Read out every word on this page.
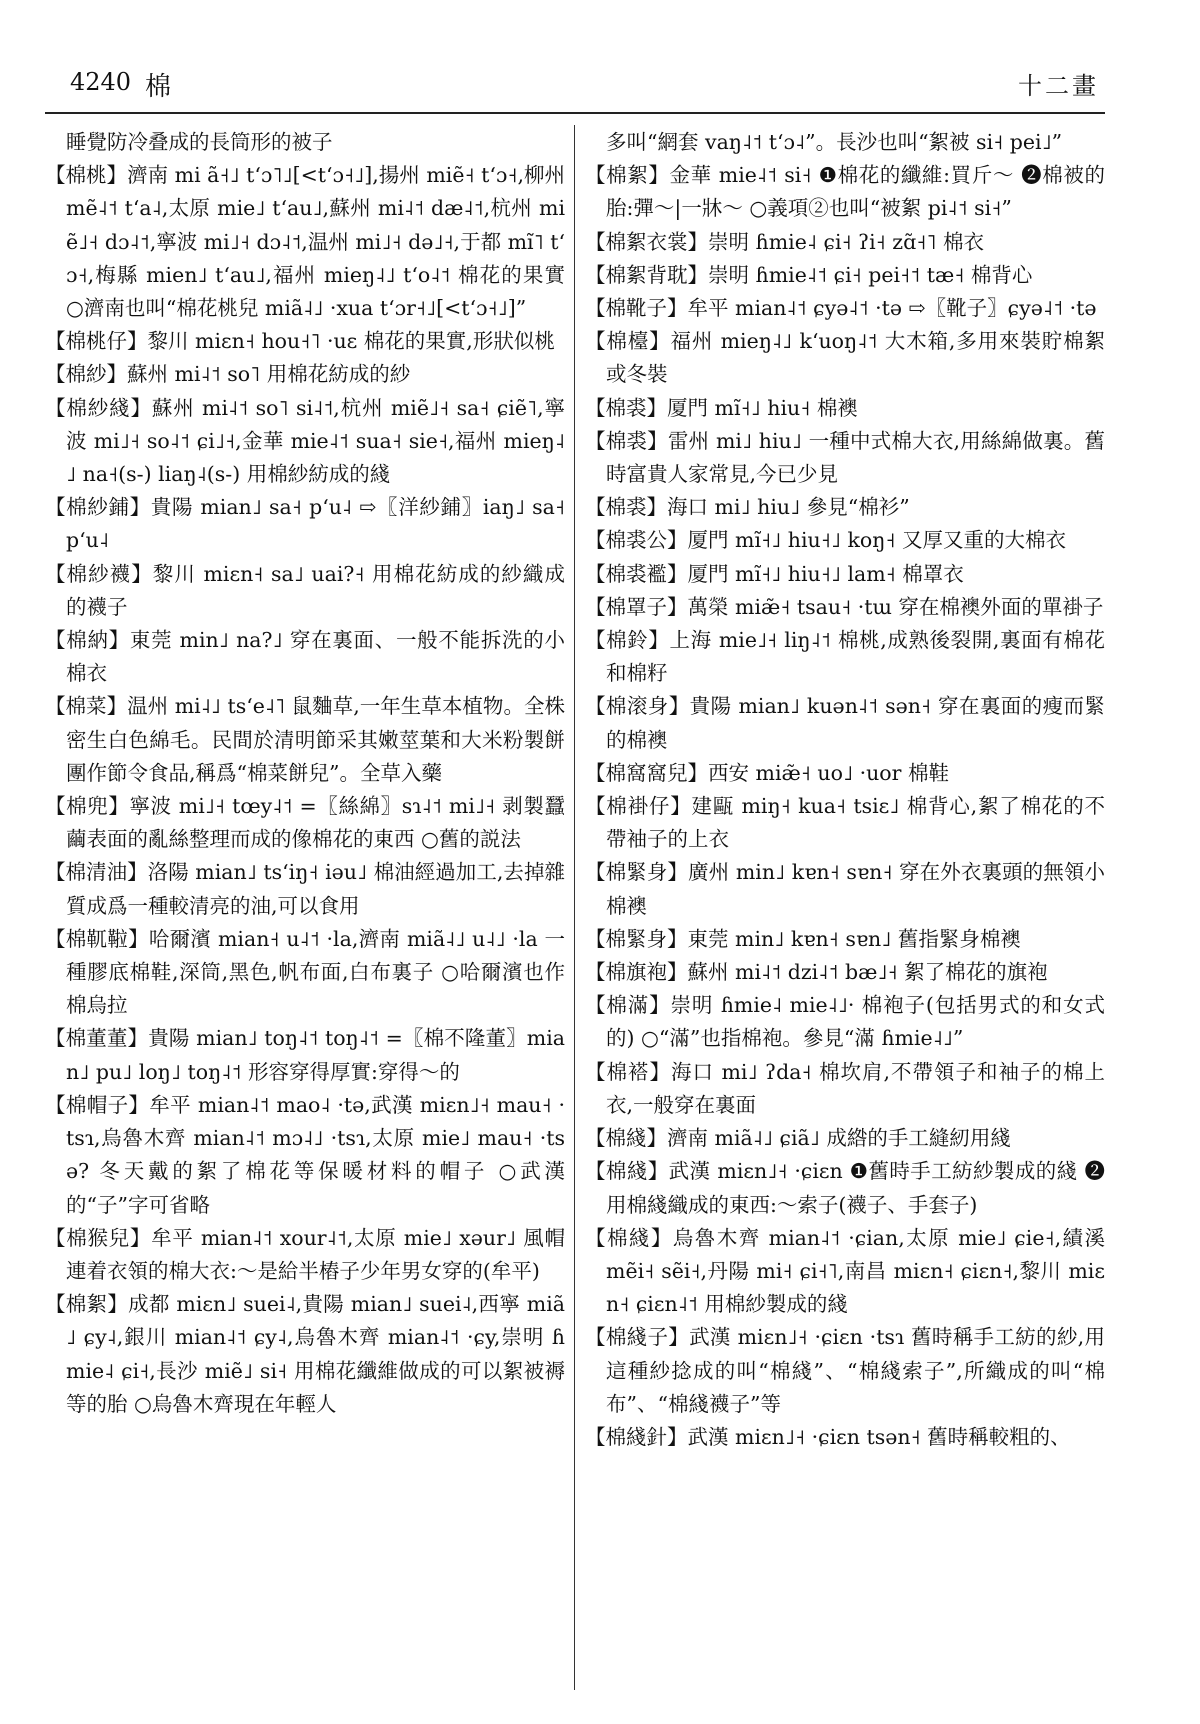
4240 棉	十二畫
睡覺防冷叠成的長筒形的被子
【棉桃】濟南 mi ã˧˩ tʻɔ˥˩[<tʻɔ˧˩],揚州 miẽ˧ tʻɔ˧,柳州 mẽ˨˦ tʻa˨,太原 mie˩ tʻau˩,蘇州 mi˨˦ dæ˨˦,杭州 miẽ˩˧ dɔ˨˦,寧波 mi˩˧ dɔ˨˦,温州 mi˩˧ də˩˧,于都 mĩ˥ tʻɔ˧,梅縣 mien˩ tʻau˩,福州 mieŋ˨˩ tʻo˨˦ 棉花的果實 ○濟南也叫“棉花桃兒 miã˨˩ ·xua tʻɔr˧˩[<tʻɔ˧˩]”
【棉桃仔】黎川 miɛn˧ hou˧˥ ·uɛ 棉花的果實,形狀似桃
【棉紗】蘇州 mi˨˦ so˥ 用棉花紡成的紗
【棉紗綫】蘇州 mi˨˦ so˥ si˨˦,杭州 miẽ˩˧ sa˧ ɕiẽ˥,寧波 mi˩˧ so˨˦ ɕi˩˧,金華 mie˨˦ sua˧ sie˧,福州 mieŋ˨˩ na˧(s-) liaŋ˨(s-) 用棉紗紡成的綫
【棉紗鋪】貴陽 mian˩ sa˧ pʻu˨ ⇨〖洋紗鋪〗iaŋ˩ sa˧ pʻu˨
【棉紗襪】黎川 miɛn˧ sa˩ uai?˧ 用棉花紡成的紗織成的襪子
【棉納】東莞 min˩ na?˩ 穿在裏面、一般不能拆洗的小棉衣
【棉菜】温州 mi˨˩ tsʻe˨˥ 鼠麯草,一年生草本植物。全株密生白色綿毛。民間於清明節采其嫩莖葉和大米粉製餅團作節令食品,稱爲“棉菜餅兒”。全草入藥
【棉兜】寧波 mi˩˧ tœy˨˦ =〖絲綿〗sɿ˨˦ mi˩˧ 剥製蠶繭表面的亂絲整理而成的像棉花的東西 ○舊的説法
【棉清油】洛陽 mian˩ tsʻiŋ˧ iəu˩ 棉油經過加工,去掉雜質成爲一種較清亮的油,可以食用
【棉靰鞡】哈爾濱 mian˧ u˨˦ ·la,濟南 miã˨˩ u˨˩ ·la 一種膠底棉鞋,深筒,黑色,帆布面,白布裏子 ○哈爾濱也作棉烏拉
【棉董董】貴陽 mian˩ toŋ˨˦ toŋ˨˦ =〖棉不隆董〗mian˩ pu˩ loŋ˩ toŋ˨˦ 形容穿得厚實:穿得～的
【棉帽子】牟平 mian˨˦ mao˨ ·tə,武漢 miɛn˩˧ mau˧ ·tsɿ,烏魯木齊 mian˨˦ mɔ˨˩ ·tsɿ,太原 mie˩ mau˧ ·tsə? 冬天戴的絮了棉花等保暖材料的帽子 ○武漢的“子”字可省略
【棉猴兒】牟平 mian˨˦ xour˨˦,太原 mie˩ xəur˩ 風帽連着衣領的棉大衣:～是給半樁子少年男女穿的(牟平)
【棉絮】成都 miɛn˩ suei˨,貴陽 mian˩ suei˨,西寧 miã˩ ɕy˨,銀川 mian˨˦ ɕy˨,烏魯木齊 mian˨˦ ·ɕy,崇明 ɦmie˨ ɕi˧,長沙 miẽ˩ si˧ 用棉花纖維做成的可以絮被褥等的胎 ○烏魯木齊現在年輕人
多叫“網套 vaŋ˨˦ tʻɔ˨”。長沙也叫“絮被 si˧ pei˩”
【棉絮】金華 mie˨˦ si˧ ❶棉花的纖維:買斤～ ❷棉被的胎:彈～|一牀～ ○義項②也叫“被絮 pi˨˦ si˧”
【棉絮衣裳】崇明 ɦmie˨ ɕi˧ ʔi˧ zɑ̃˧˥ 棉衣
【棉絮背耽】崇明 ɦmie˨˦ ɕi˧ pei˧˦ tæ˧ 棉背心
【棉靴子】牟平 mian˨˦ ɕyə˨˦ ·tə ⇨〖靴子〗ɕyə˨˦ ·tə
【棉檯】福州 mieŋ˨˩ kʻuoŋ˨˦ 大木箱,多用來裝貯棉絮或冬裝
【棉裘】厦門 mĩ˧˩ hiu˧ 棉襖
【棉裘】雷州 mi˩ hiu˩ 一種中式棉大衣,用絲綿做裏。舊時富貴人家常見,今已少見
【棉裘】海口 mi˩ hiu˩ 參見“棉衫”
【棉裘公】厦門 mĩ˧˩ hiu˧˩ koŋ˧ 又厚又重的大棉衣
【棉裘襤】厦門 mĩ˧˩ hiu˧˩ lam˧ 棉罩衣
【棉罩子】萬榮 miæ̃˧ tsau˧ ·tɯ 穿在棉襖外面的單褂子
【棉鈴】上海 mie˩˧ liŋ˨˦ 棉桃,成熟後裂開,裏面有棉花和棉籽
【棉滚身】貴陽 mian˩ kuən˨˦ sən˧ 穿在裏面的瘦而緊的棉襖
【棉窩窩兒】西安 miæ̃˧ uo˩ ·uor 棉鞋
【棉褂仔】建甌 miŋ˧ kua˧ tsiɛ˩ 棉背心,絮了棉花的不帶袖子的上衣
【棉緊身】廣州 min˩ kɐn˧ sɐn˧ 穿在外衣裏頭的無領小棉襖
【棉緊身】東莞 min˩ kɐn˧ sɐn˩ 舊指緊身棉襖
【棉旗袍】蘇州 mi˨˦ dzi˨˦ bæ˩˧ 絮了棉花的旗袍
【棉滿】崇明 ɦmie˨ mie˨˩· 棉袍子(包括男式的和女式的) ○“滿”也指棉袍。參見“滿 ɦmie˨˩”
【棉褡】海口 mi˩ ʔda˧ 棉坎肩,不帶領子和袖子的棉上衣,一般穿在裏面
【棉綫】濟南 miã˨˩ ɕiã˩ 成綹的手工縫紉用綫
【棉綫】武漢 miɛn˩˧ ·ɕiɛn ❶舊時手工紡紗製成的綫 ❷用棉綫織成的東西:～索子(襪子、手套子)
【棉綫】烏魯木齊 mian˨˦ ·ɕian,太原 mie˩ ɕie˧,績溪 mẽi˧ sẽi˧,丹陽 mi˧ ɕi˧˥,南昌 miɛn˧ ɕiɛn˧,黎川 miɛn˧ ɕiɛn˨˦ 用棉紗製成的綫
【棉綫子】武漢 miɛn˩˧ ·ɕiɛn ·tsɿ 舊時稱手工紡的紗,用這種紗捻成的叫“棉綫”、“棉綫索子”,所織成的叫“棉布”、“棉綫襪子”等
【棉綫針】武漢 miɛn˩˧ ·ɕiɛn tsən˧ 舊時稱較粗的、
